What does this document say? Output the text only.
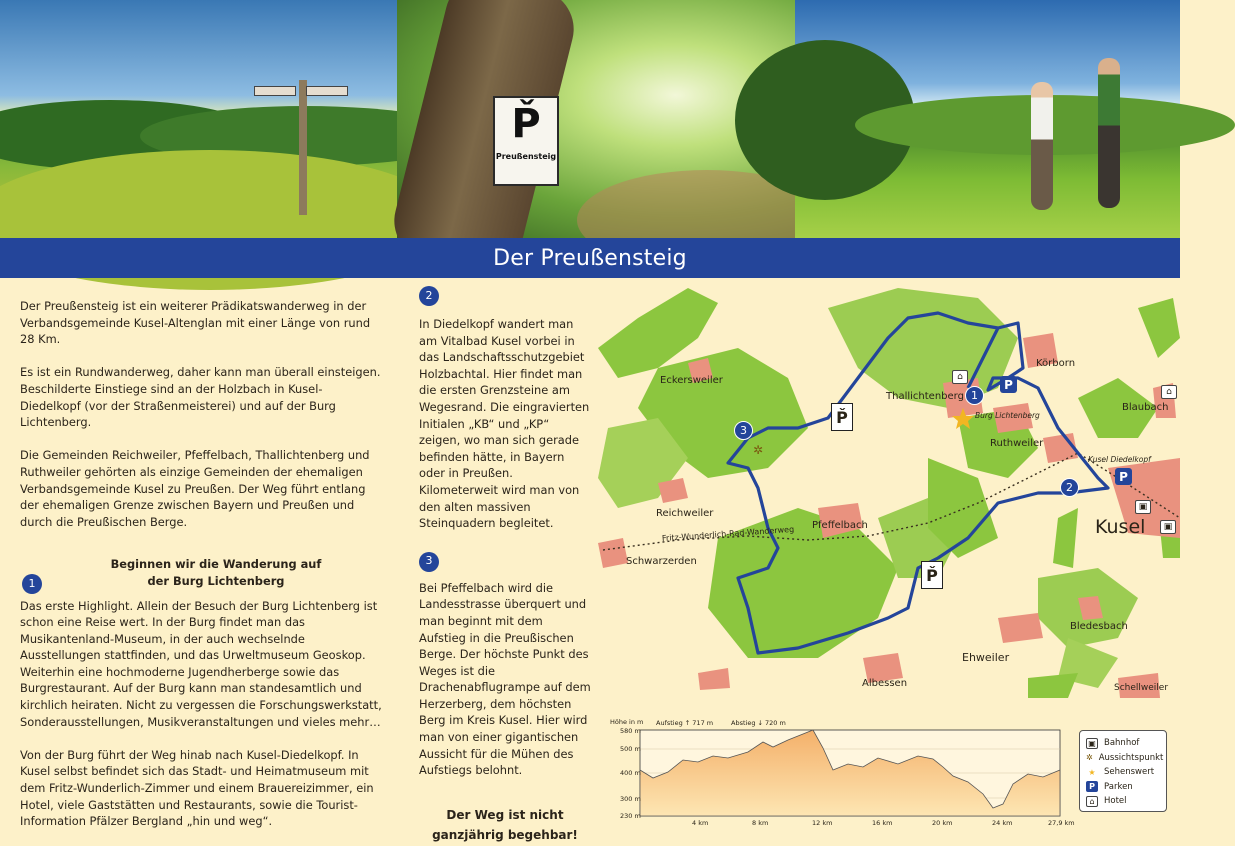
P̌
Preußensteig
Der Preußensteig

Der Preußensteig ist ein weiterer Prädikatswanderweg in der Verbandsgemeinde Kusel-Altenglan mit einer Länge von rund 28 Km.

Es ist ein Rundwanderweg, daher kann man überall einsteigen. Beschilderte Einstiege sind an der Holzbach in Kusel-Diedelkopf (vor der Straßenmeisterei) und auf der Burg Lichtenberg.

Die Gemeinden Reichweiler, Pfeffelbach, Thallichtenberg und Ruthweiler gehörten als einzige Gemeinden der ehemaligen Verbandsgemeinde Kusel zu Preußen. Der Weg führt entlang der ehemaligen Grenze zwischen Bayern und Preußen und durch die Preußischen Berge.

Beginnen wir die Wanderung auf
der Burg Lichtenberg
1

Das erste Highlight. Allein der Besuch der Burg Lichtenberg ist schon eine Reise wert. In der Burg findet man das Musikantenland-Museum, in der auch wechselnde Ausstellungen stattfinden, und das Urweltmuseum Geoskop. Weiterhin eine hochmoderne Jugendherberge sowie das Burgrestaurant. Auf der Burg kann man standesamtlich und kirchlich heiraten. Nicht zu vergessen die Forschungswerkstatt, Sonderausstellungen, Musikveranstaltungen und vieles mehr…

Von der Burg führt der Weg hinab nach Kusel-Diedelkopf. In Kusel selbst befindet sich das Stadt- und Heimatmuseum mit dem Fritz-Wunderlich-Zimmer und einem Brauereizimmer, ein Hotel, viele Gaststätten und Restaurants, sowie die Tourist-Information Pfälzer Bergland „hin und weg“.

2

In Diedelkopf wandert man am Vitalbad Kusel vorbei in das Landschaftsschutzgebiet Holzbachtal. Hier findet man die ersten Grenzsteine am Wegesrand. Die eingravierten Initialen „KB“ und „KP“ zeigen, wo man sich gerade befinden hätte, in Bayern oder in Preußen. Kilometerweit wird man von den alten massiven Steinquadern begleitet.

3

Bei Pfeffelbach wird die Landesstrasse überquert und man beginnt mit dem Aufstieg in die Preußischen Berge. Der höchste Punkt des Weges ist die Drachenabflugrampe auf dem Herzerberg, dem höchsten Berg im Kreis Kusel. Hier wird man von einer gigantischen Aussicht für die Mühen des Aufstiegs belohnt.

Der Weg ist nicht
ganzjährig begehbar!
Körborn
Eckersweiler
Thallichtenberg
Burg Lichtenberg
Blaubach
Ruthweiler
Kusel Diedelkopf
Reichweiler
Pfeffelbach	Kusel
Fritz-Wunderlich-Rad-Wanderweg
Schwarzerden
Bledesbach
Ehweiler
Albessen	Schellweiler
1
2
3
P
P
P̌
P̌
⌂
⌂
▣
▣
✲
Höhe in m Aufstieg ↑ 717 m	Abstieg ↓ 720 m
580 m
500 m
400 m
300 m
230 m
4 km	8 km	12 km	16 km	20 km	24 km	27,9 km
▣ Bahnhof
✲ Aussichtspunkt
★ Sehenswert
P	Parken
⌂	Hotel
